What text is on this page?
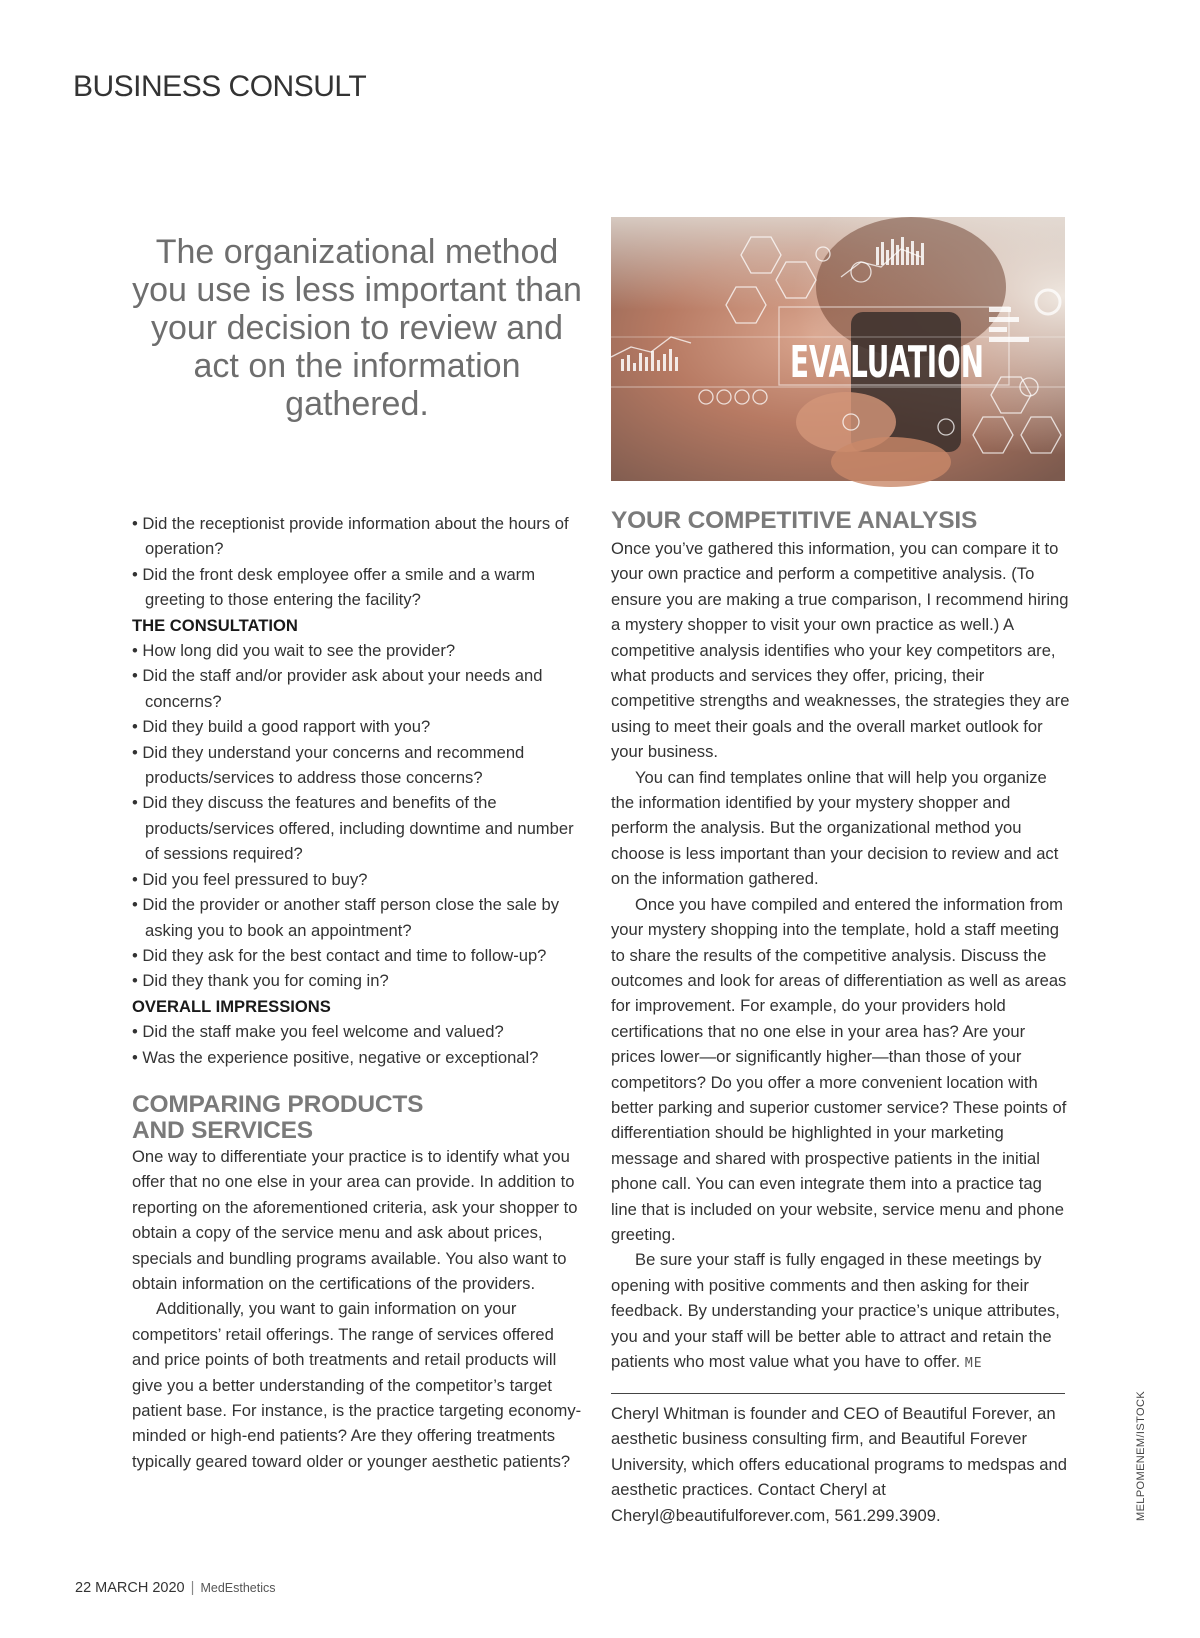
BUSINESS CONSULT
The organizational method you use is less important than your decision to review and act on the information gathered.
EVALUATION
• Did the receptionist provide information about the hours of operation?
• Did the front desk employee offer a smile and a warm greeting to those entering the facility?
THE CONSULTATION
• How long did you wait to see the provider?
• Did the staff and/or provider ask about your needs and concerns?
• Did they build a good rapport with you?
• Did they understand your concerns and recommend products/services to address those concerns?
• Did they discuss the features and benefits of the products/services offered, including downtime and number of sessions required?
• Did you feel pressured to buy?
• Did the provider or another staff person close the sale by asking you to book an appointment?
• Did they ask for the best contact and time to follow-up?
• Did they thank you for coming in?
OVERALL IMPRESSIONS
• Did the staff make you feel welcome and valued?
• Was the experience positive, negative or exceptional?
COMPARING PRODUCTS
AND SERVICES

One way to differentiate your practice is to identify what you offer that no one else in your area can provide. In addition to reporting on the aforementioned criteria, ask your shopper to obtain a copy of the service menu and ask about prices, specials and bundling programs available. You also want to obtain information on the certifications of the providers.

Additionally, you want to gain information on your competitors’ retail offerings. The range of services offered and price points of both treatments and retail products will give you a better understanding of the competitor’s target patient base. For instance, is the practice targeting economy-minded or high-end patients? Are they offering treatments typically geared toward older or younger aesthetic patients?

YOUR COMPETITIVE ANALYSIS

Once you’ve gathered this information, you can compare it to your own practice and perform a competitive analysis. (To ensure you are making a true comparison, I recommend hiring a mystery shopper to visit your own practice as well.) A competitive analysis identifies who your key competitors are, what products and services they offer, pricing, their competitive strengths and weaknesses, the strategies they are using to meet their goals and the overall market outlook for your business.

You can find templates online that will help you organize the information identified by your mystery shopper and perform the analysis. But the organizational method you choose is less important than your decision to review and act on the information gathered.

Once you have compiled and entered the information from your mystery shopping into the template, hold a staff meeting to share the results of the competitive analysis. Discuss the outcomes and look for areas of differentiation as well as areas for improvement. For example, do your providers hold certifications that no one else in your area has? Are your prices lower—or significantly higher—than those of your competitors? Do you offer a more convenient location with better parking and superior customer service? These points of differentiation should be highlighted in your marketing message and shared with prospective patients in the initial phone call. You can even integrate them into a practice tag line that is included on your website, service menu and phone greeting.

Be sure your staff is fully engaged in these meetings by opening with positive comments and then asking for their feedback. By understanding your practice’s unique attributes, you and your staff will be better able to attract and retain the patients who most value what you have to offer. ME

Cheryl Whitman is founder and CEO of Beautiful Forever, an aesthetic business consulting firm, and Beautiful Forever University, which offers educational programs to medspas and aesthetic practices. Contact Cheryl at Cheryl@beautifulforever.com, 561.299.3909.	MELPOMENEM/ISTOCK
22 MARCH 2020 | MedEsthetics
